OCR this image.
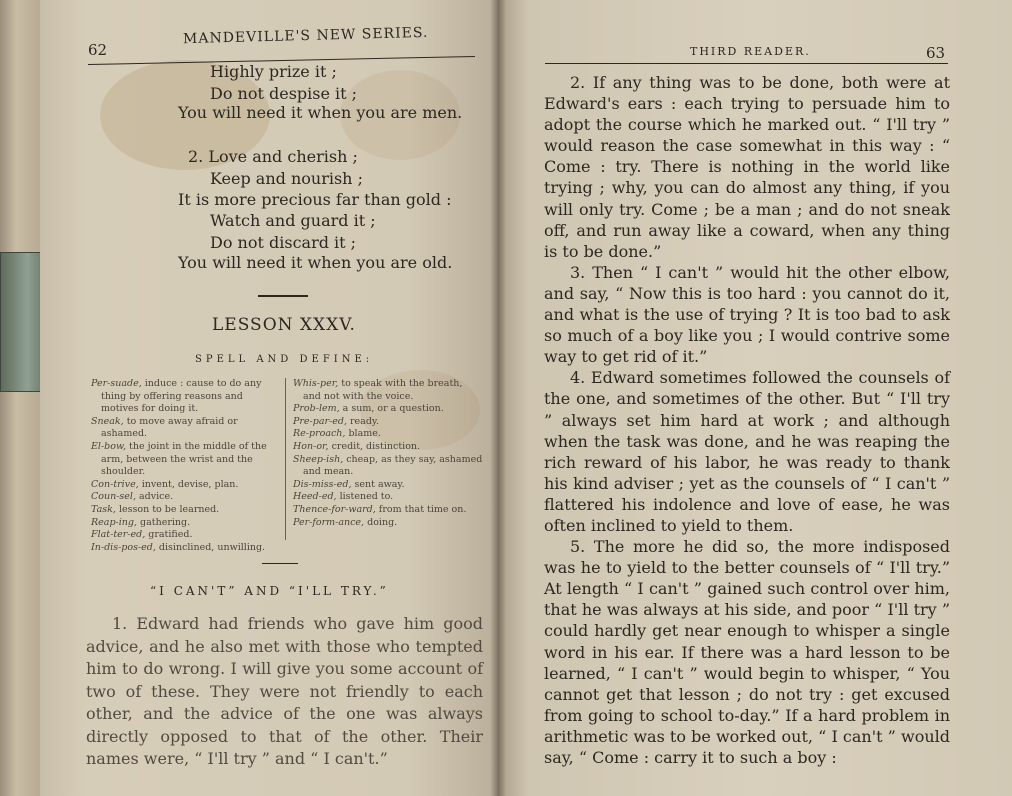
62
MANDEVILLE'S NEW SERIES.
Highly prize it ;
Do not despise it ;
You will need it when you are men.
2. Love and cherish ;
Keep and nourish ;
It is more precious far than gold :
Watch and guard it ;
Do not discard it ;
You will need it when you are old.
LESSON XXXV.
SPELL AND DEFINE:
Per-suade, induce : cause to do any thing by offering reasons and motives for doing it.
Sneak, to move away afraid or ashamed.
El-bow, the joint in the middle of the arm, between the wrist and the shoulder.
Con-trive, invent, devise, plan.
Coun-sel, advice.
Task, lesson to be learned.
Reap-ing, gathering.
Flat-ter-ed, gratified.
In-dis-pos-ed, disinclined, unwilling.
Whis-per, to speak with the breath, and not with the voice.
Prob-lem, a sum, or a question.
Pre-par-ed, ready.
Re-proach, blame.
Hon-or, credit, distinction.
Sheep-ish, cheap, as they say, ashamed and mean.
Dis-miss-ed, sent away.
Heed-ed, listened to.
Thence-for-ward, from that time on.
Per-form-ance, doing.
“I CAN'T” AND “I'LL TRY.”

1. Edward had friends who gave him good advice, and he also met with those who tempted him to do wrong. I will give you some account of two of these. They were not friendly to each other, and the advice of the one was always directly opposed to that of the other. Their names were, “ I'll try ” and “ I can't.”

THIRD READER.	63

2. If any thing was to be done, both were at Edward's ears : each trying to persuade him to adopt the course which he marked out. “ I'll try ” would reason the case somewhat in this way : “ Come : try. There is nothing in the world like trying ; why, you can do almost any thing, if you will only try. Come ; be a man ; and do not sneak off, and run away like a coward, when any thing is to be done.”

3. Then “ I can't ” would hit the other elbow, and say, “ Now this is too hard : you cannot do it, and what is the use of trying ? It is too bad to ask so much of a boy like you ; I would contrive some way to get rid of it.”

4. Edward sometimes followed the counsels of the one, and sometimes of the other. But “ I'll try ” always set him hard at work ; and although when the task was done, and he was reaping the rich reward of his labor, he was ready to thank his kind adviser ; yet as the counsels of “ I can't ” flattered his indolence and love of ease, he was often inclined to yield to them.

5. The more he did so, the more indisposed was he to yield to the better counsels of “ I'll try.” At length “ I can't ” gained such control over him, that he was always at his side, and poor “ I'll try ” could hardly get near enough to whisper a single word in his ear. If there was a hard lesson to be learned, “ I can't ” would begin to whisper, “ You cannot get that lesson ; do not try : get excused from going to school to-day.” If a hard problem in arithmetic was to be worked out, “ I can't ” would say, “ Come : carry it to such a boy :
